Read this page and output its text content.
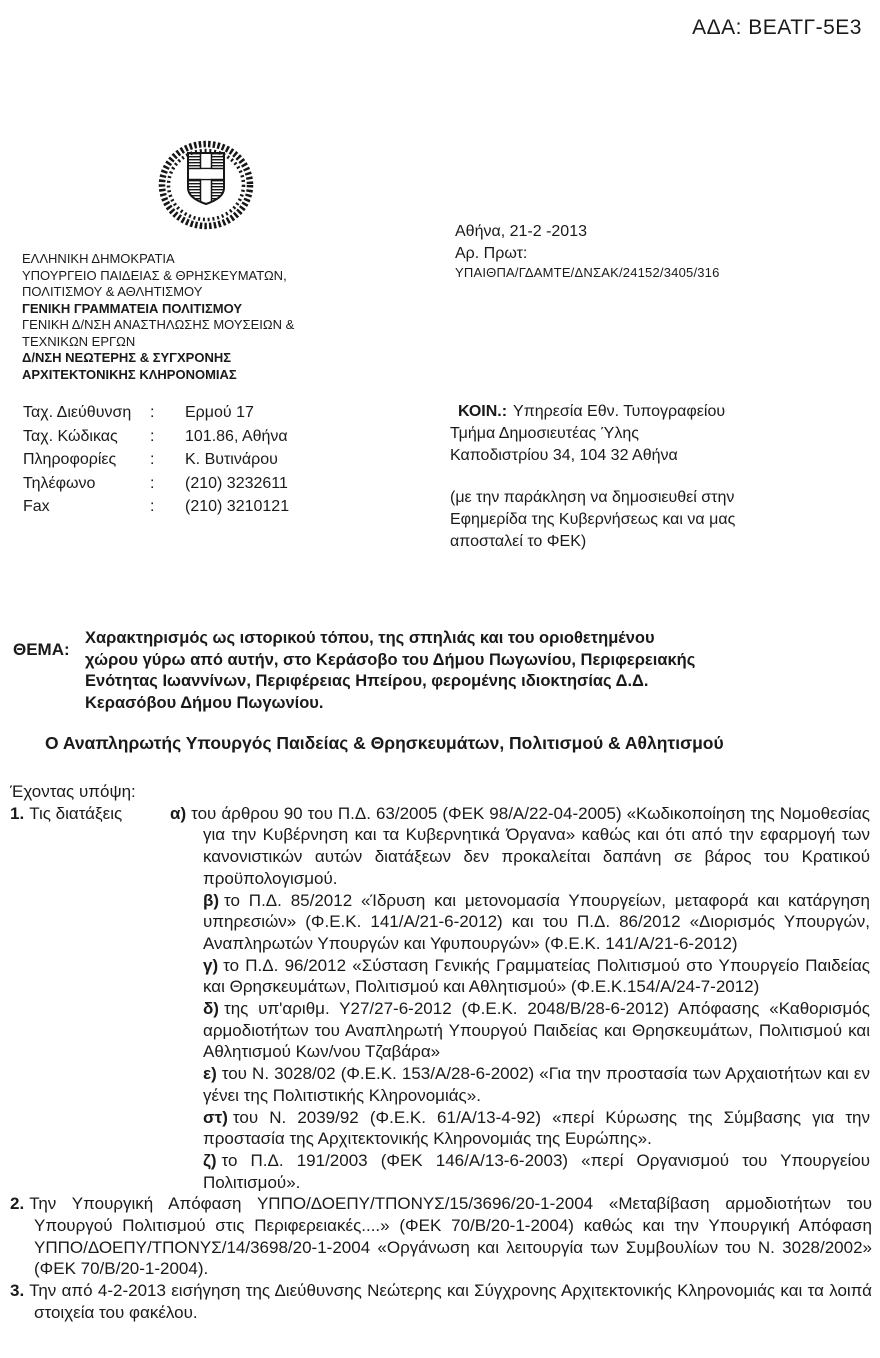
ΑΔΑ: ΒΕΑΤΓ-5Ε3
ΕΛΛΗΝΙΚΗ ΔΗΜΟΚΡΑΤΙΑ
ΥΠΟΥΡΓΕΙΟ ΠΑΙΔΕΙΑΣ & ΘΡΗΣΚΕΥΜΑΤΩΝ,
ΠΟΛΙΤΙΣΜΟΥ & ΑΘΛΗΤΙΣΜΟΥ
ΓΕΝΙΚΗ ΓΡΑΜΜΑΤΕΙΑ ΠΟΛΙΤΙΣΜΟΥ
ΓΕΝΙΚΗ Δ/ΝΣΗ ΑΝΑΣΤΗΛΩΣΗΣ ΜΟΥΣΕΙΩΝ &
ΤΕΧΝΙΚΩΝ ΕΡΓΩΝ
Δ/ΝΣΗ ΝΕΩΤΕΡΗΣ & ΣΥΓΧΡΟΝΗΣ
ΑΡΧΙΤΕΚΤΟΝΙΚΗΣ ΚΛΗΡΟΝΟΜΙΑΣ
Αθήνα, 21-2 -2013
Αρ. Πρωτ:
ΥΠΑΙΘΠΑ/ΓΔΑΜΤΕ/ΔΝΣΑΚ/24152/3405/316
Ταχ. Διεύθυνση	:	Ερμού 17
Ταχ. Κώδικας	:	101.86, Αθήνα
Πληροφορίες	:	Κ. Βυτινάρου
Τηλέφωνο	:	(210) 3232611
Fax	:	(210) 3210121
ΚΟΙΝ.: Υπηρεσία Εθν. Τυπογραφείου
Τμήμα Δημοσιευτέας Ύλης
Καποδιστρίου 34, 104 32 Αθήνα
(με την παράκληση να δημοσιευθεί στην
Εφημερίδα της Κυβερνήσεως και να μας
αποσταλεί το ΦΕΚ)
ΘΕΜΑ:
Χαρακτηρισμός ως ιστορικού τόπου, της σπηλιάς και του οριοθετημένου
χώρου γύρω από αυτήν, στο Κεράσοβο του Δήμου Πωγωνίου, Περιφερειακής
Ενότητας Ιωαννίνων, Περιφέρειας Ηπείρου, φερομένης ιδιοκτησίας Δ.Δ.
Κερασόβου Δήμου Πωγωνίου.
Ο Αναπληρωτής Υπουργός Παιδείας & Θρησκευμάτων, Πολιτισμού & Αθλητισμού
Έχοντας υπόψη:
1. Τις διατάξεις	α) του άρθρου 90 του Π.Δ. 63/2005 (ΦΕΚ 98/Α/22-04-2005) «Κωδικοποίηση της Νομοθεσίας για την Κυβέρνηση και τα Κυβερνητικά Όργανα» καθώς και ότι από την εφαρμογή των κανονιστικών αυτών διατάξεων δεν προκαλείται δαπάνη σε βάρος του Κρατικού προϋπολογισμού.

β) το Π.Δ. 85/2012 «Ίδρυση και μετονομασία Υπουργείων, μεταφορά και κατάργηση υπηρεσιών» (Φ.Ε.Κ. 141/Α/21-6-2012) και του Π.Δ. 86/2012 «Διορισμός Υπουργών, Αναπληρωτών Υπουργών και Υφυπουργών» (Φ.Ε.Κ. 141/Α/21-6-2012)

γ) το Π.Δ. 96/2012 «Σύσταση Γενικής Γραμματείας Πολιτισμού στο Υπουργείο Παιδείας και Θρησκευμάτων, Πολιτισμού και Αθλητισμού» (Φ.Ε.Κ.154/Α/24-7-2012)

δ) της υπ'αριθμ. Υ27/27-6-2012 (Φ.Ε.Κ. 2048/Β/28-6-2012) Απόφασης «Καθορισμός αρμοδιοτήτων του Αναπληρωτή Υπουργού Παιδείας και Θρησκευμάτων, Πολιτισμού και Αθλητισμού Κων/νου Τζαβάρα»

ε) του Ν. 3028/02 (Φ.Ε.Κ. 153/Α/28-6-2002) «Για την προστασία των Αρχαιοτήτων και εν γένει της Πολιτιστικής Κληρονομιάς».

στ) του Ν. 2039/92 (Φ.Ε.Κ. 61/Α/13-4-92) «περί Κύρωσης της Σύμβασης για την προστασία της Αρχιτεκτονικής Κληρονομιάς της Ευρώπης».

ζ) το Π.Δ. 191/2003 (ΦΕΚ 146/Α/13-6-2003) «περί Οργανισμού του Υπουργείου Πολιτισμού».

2. Την Υπουργική Απόφαση ΥΠΠΟ/ΔΟΕΠΥ/ΤΠΟΝΥΣ/15/3696/20-1-2004 «Μεταβίβαση αρμοδιοτήτων του Υπουργού Πολιτισμού στις Περιφερειακές....» (ΦΕΚ 70/Β/20-1-2004) καθώς και την Υπουργική Απόφαση ΥΠΠΟ/ΔΟΕΠΥ/ΤΠΟΝΥΣ/14/3698/20-1-2004 «Οργάνωση και λειτουργία των Συμβουλίων του Ν. 3028/2002» (ΦΕΚ 70/Β/20-1-2004).

3. Την από 4-2-2013 εισήγηση της Διεύθυνσης Νεώτερης και Σύγχρονης Αρχιτεκτονικής Κληρονομιάς και τα λοιπά στοιχεία του φακέλου.
